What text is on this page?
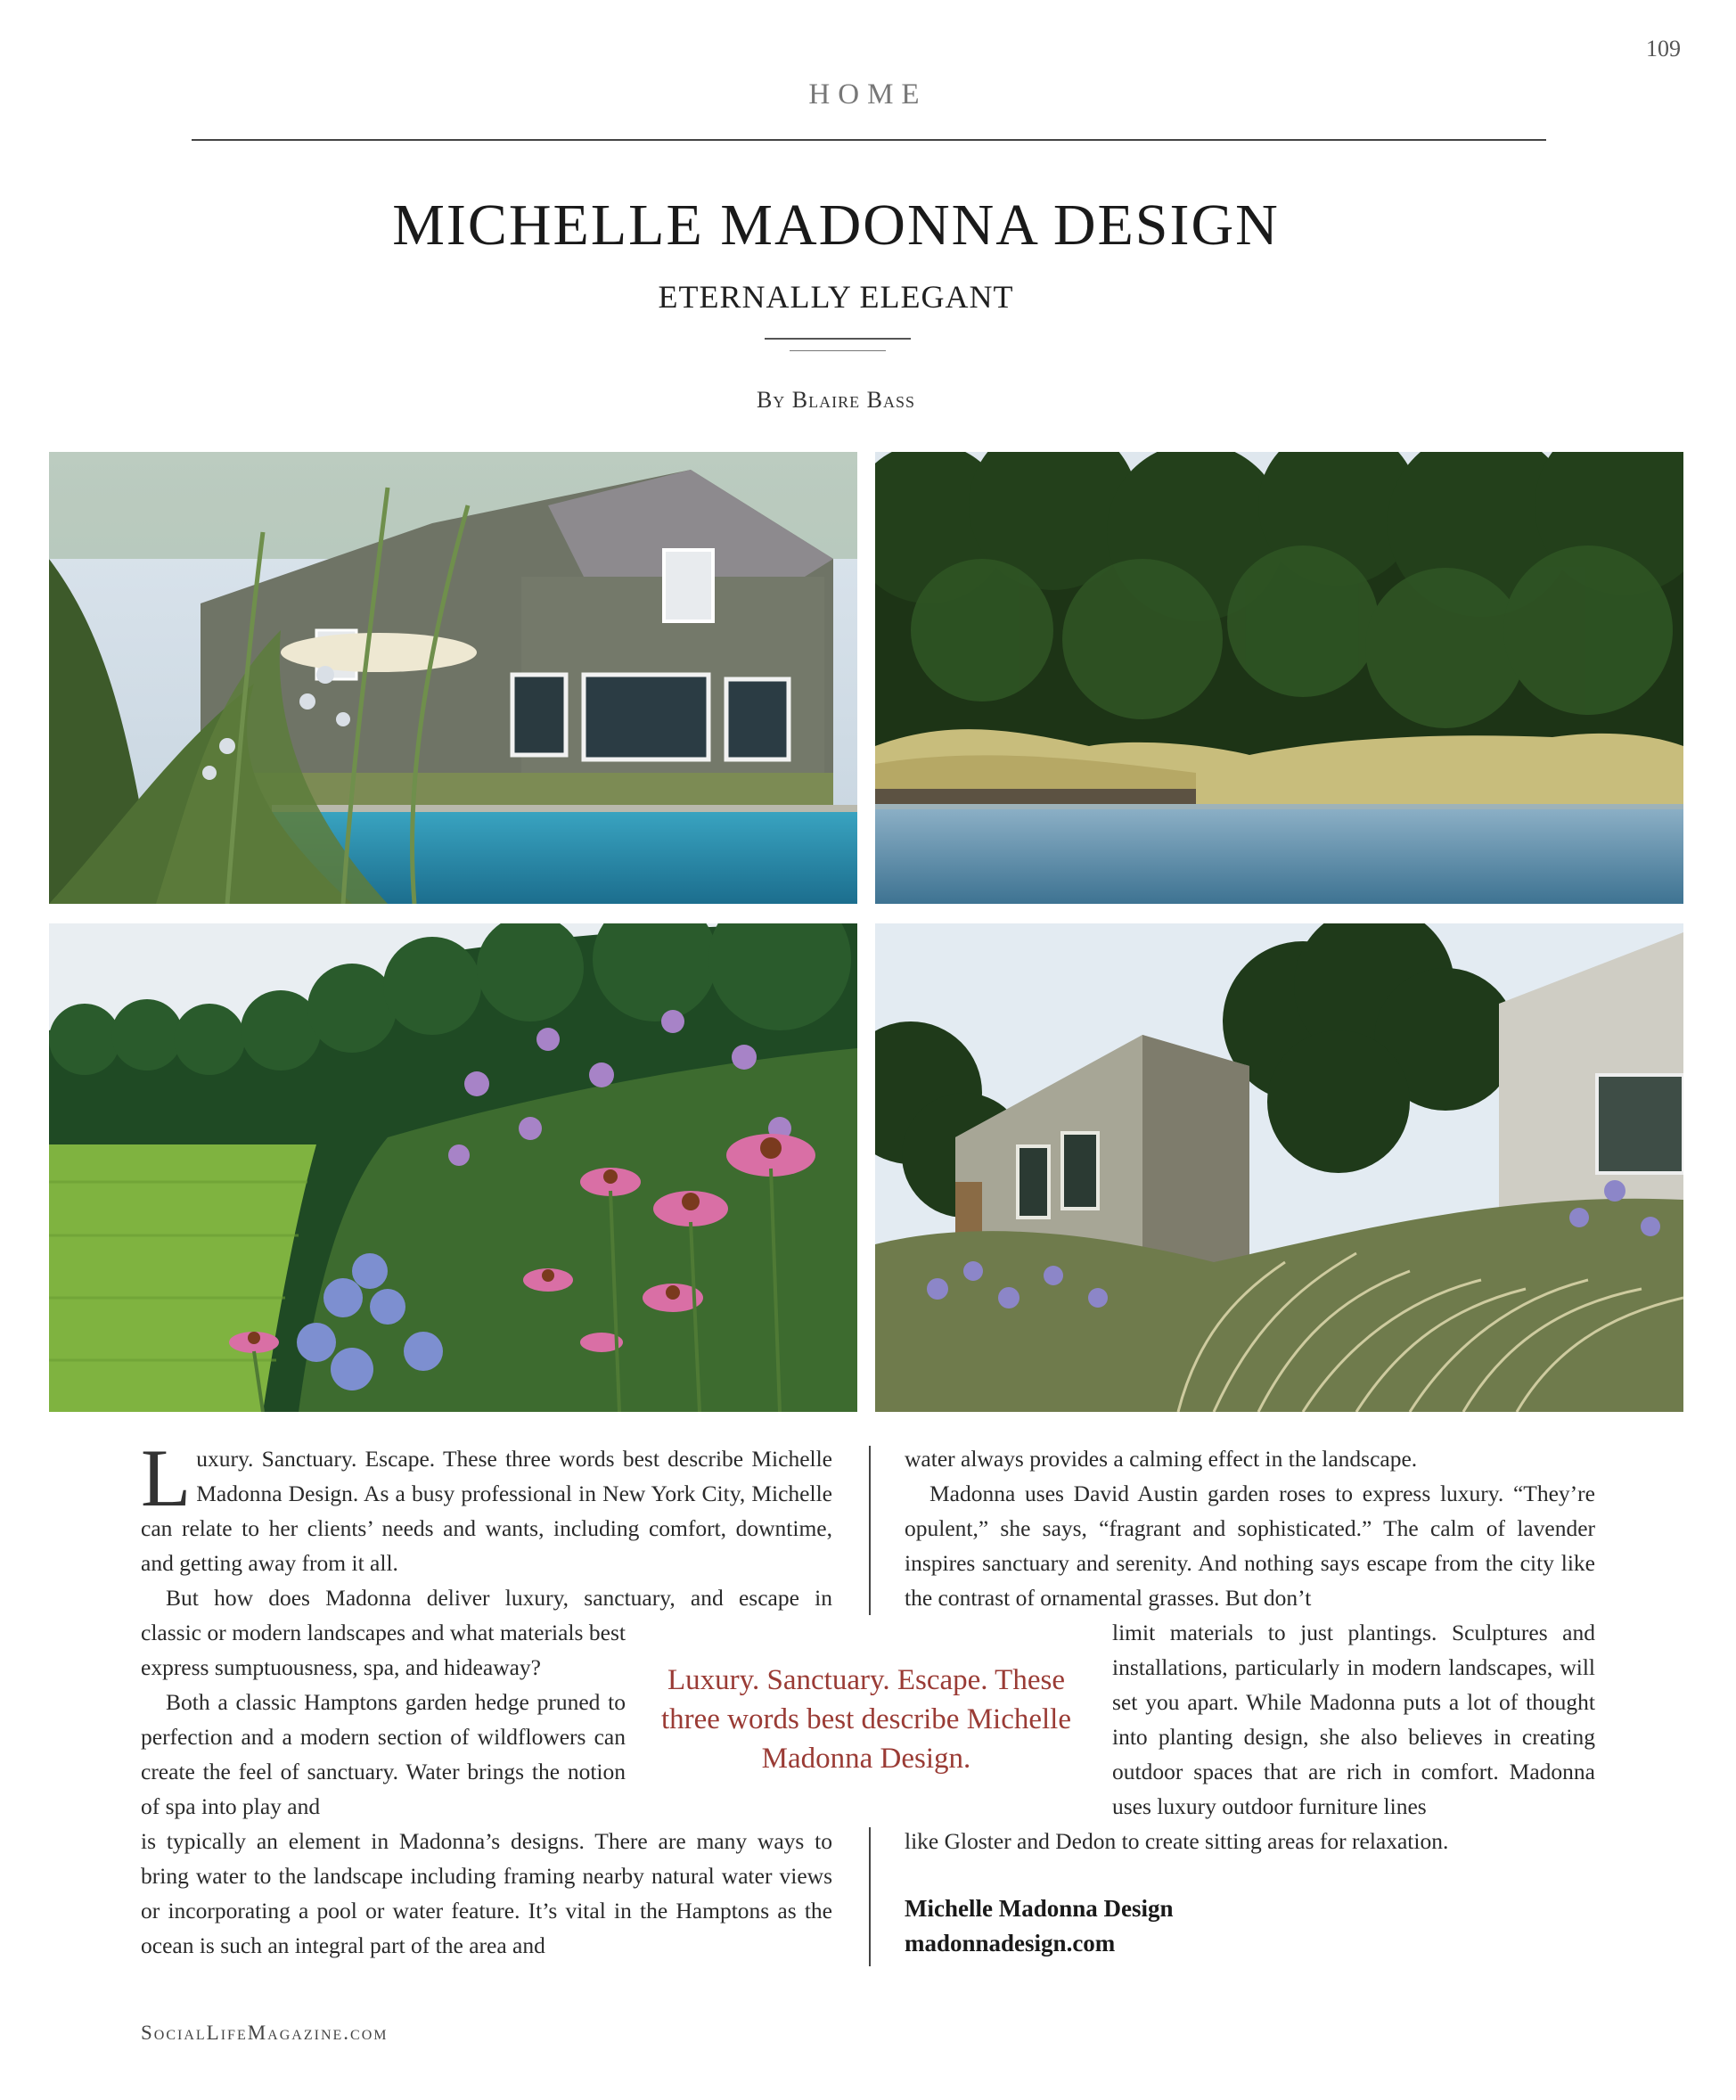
109
HOME
MICHELLE MADONNA DESIGN
ETERNALLY ELEGANT
By Blaire Bass

Luxury. Sanctuary. Escape. These three words best describe Michelle Madonna Design. As a busy professional in New York City, Michelle can relate to her clients’ needs and wants, including comfort, downtime, and getting away from it all.

But how does Madonna deliver luxury, sanctuary, and escape in

classic or modern landscapes and what materials best express sumptuousness, spa, and hideaway?

Both a classic Hamptons garden hedge pruned to perfection and a modern section of wildflowers can create the feel of sanctuary. Water brings the notion of spa into play and

is typically an element in Madonna’s designs. There are many ways to bring water to the landscape including framing nearby natural water views or incorporating a pool or water feature. It’s vital in the Hamptons as the ocean is such an integral part of the area and

water always provides a calming effect in the landscape.

Madonna uses David Austin garden roses to express luxury. “They’re opulent,” she says, “fragrant and sophisticated.” The calm of lavender inspires sanctuary and serenity. And nothing says escape from the city like the contrast of ornamental grasses. But don’t

limit materials to just plantings. Sculptures and installations, particularly in modern landscapes, will set you apart. While Madonna puts a lot of thought into planting design, she also believes in creating outdoor spaces that are rich in comfort. Madonna uses luxury outdoor furniture lines

like Gloster and Dedon to create sitting areas for relaxation.

Luxury. Sanctuary. Escape. These three words best describe Michelle Madonna Design.
Michelle Madonna Design
madonnadesign.com
SocialLifeMagazine.com
